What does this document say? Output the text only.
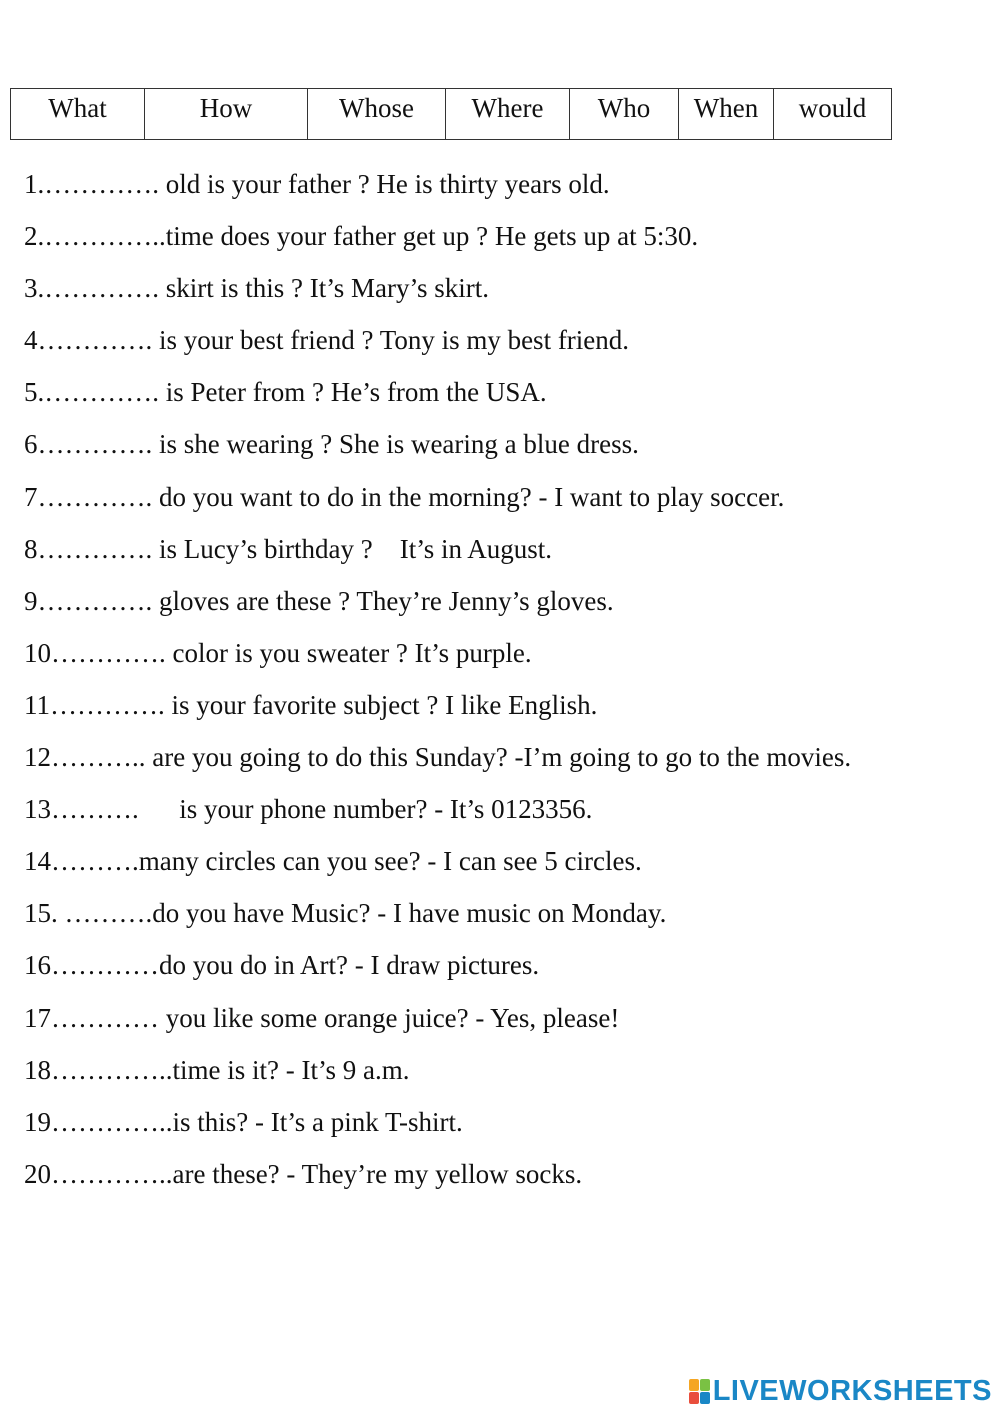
What	How	Whose	Where	Who	When	would
1.…………. old is your father ? He is thirty years old.
2.…………..time does your father get up ? He gets up at 5:30.
3.…………. skirt is this ? It’s Mary’s skirt.
4…………. is your best friend ? Tony is my best friend.
5.…………. is Peter from ? He’s from the USA.
6…………. is she wearing ? She is wearing a blue dress.
7…………. do you want to do in the morning? - I want to play soccer.
8…………. is Lucy’s birthday ?    It’s in August.
9…………. gloves are these ? They’re Jenny’s gloves.
10…………. color is you sweater ? It’s purple.
11…………. is your favorite subject ? I like English.
12……….. are you going to do this Sunday? -I’m going to go to the movies.
13……….      is your phone number? - It’s 0123356.
14……….many circles can you see? - I can see 5 circles.
15. ……….do you have Music? - I have music on Monday.
16…………do you do in Art? - I draw pictures.
17………… you like some orange juice? - Yes, please!
18…………..time is it? - It’s 9 a.m.
19…………..is this? - It’s a pink T-shirt.
20…………..are these? - They’re my yellow socks.
LIVEWORKSHEETS
